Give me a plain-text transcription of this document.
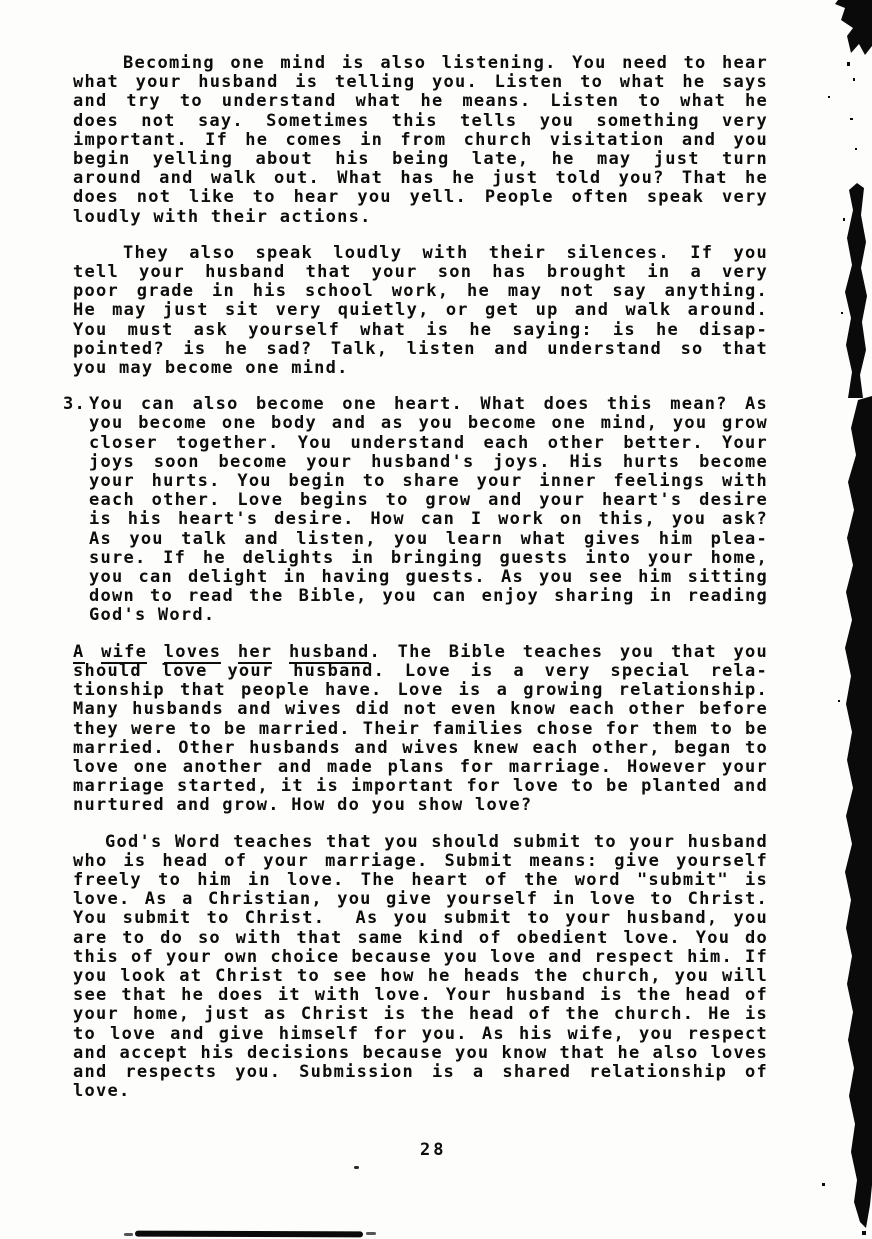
Becoming one mind is also listening. You need to hear
what your husband is telling you. Listen to what he says
and try to understand what he means. Listen to what he
does not say. Sometimes this tells you something very
important. If he comes in from church visitation and you
begin yelling about his being late, he may just turn
around and walk out. What has he just told you? That he
does not like to hear you yell. People often speak very
loudly with their actions.
They also speak loudly with their silences. If you
tell your husband that your son has brought in a very
poor grade in his school work, he may not say anything.
He may just sit very quietly, or get up and walk around.
You must ask yourself what is he saying: is he disap-
pointed? is he sad? Talk, listen and understand so that
you may become one mind.
3. You can also become one heart. What does this mean? As
you become one body and as you become one mind, you grow
closer together. You understand each other better. Your
joys soon become your husband's joys. His hurts become
your hurts. You begin to share your inner feelings with
each other. Love begins to grow and your heart's desire
is his heart's desire. How can I work on this, you ask?
As you talk and listen, you learn what gives him plea-
sure. If he delights in bringing guests into your home,
you can delight in having guests. As you see him sitting
down to read the Bible, you can enjoy sharing in reading
God's Word.
A wife loves her husband. The Bible teaches you that you
should love your husband. Love is a very special rela-
tionship that people have. Love is a growing relationship.
Many husbands and wives did not even know each other before
they were to be married. Their families chose for them to be
married. Other husbands and wives knew each other, began to
love one another and made plans for marriage. However your
marriage started, it is important for love to be planted and
nurtured and grow. How do you show love?
God's Word teaches that you should submit to your husband
who is head of your marriage. Submit means: give yourself
freely to him in love. The heart of the word "submit" is
love. As a Christian, you give yourself in love to Christ.
You submit to Christ.  As you submit to your husband, you
are to do so with that same kind of obedient love. You do
this of your own choice because you love and respect him. If
you look at Christ to see how he heads the church, you will
see that he does it with love. Your husband is the head of
your home, just as Christ is the head of the church. He is
to love and give himself for you. As his wife, you respect
and accept his decisions because you know that he also loves
and respects you. Submission is a shared relationship of
love.
28
